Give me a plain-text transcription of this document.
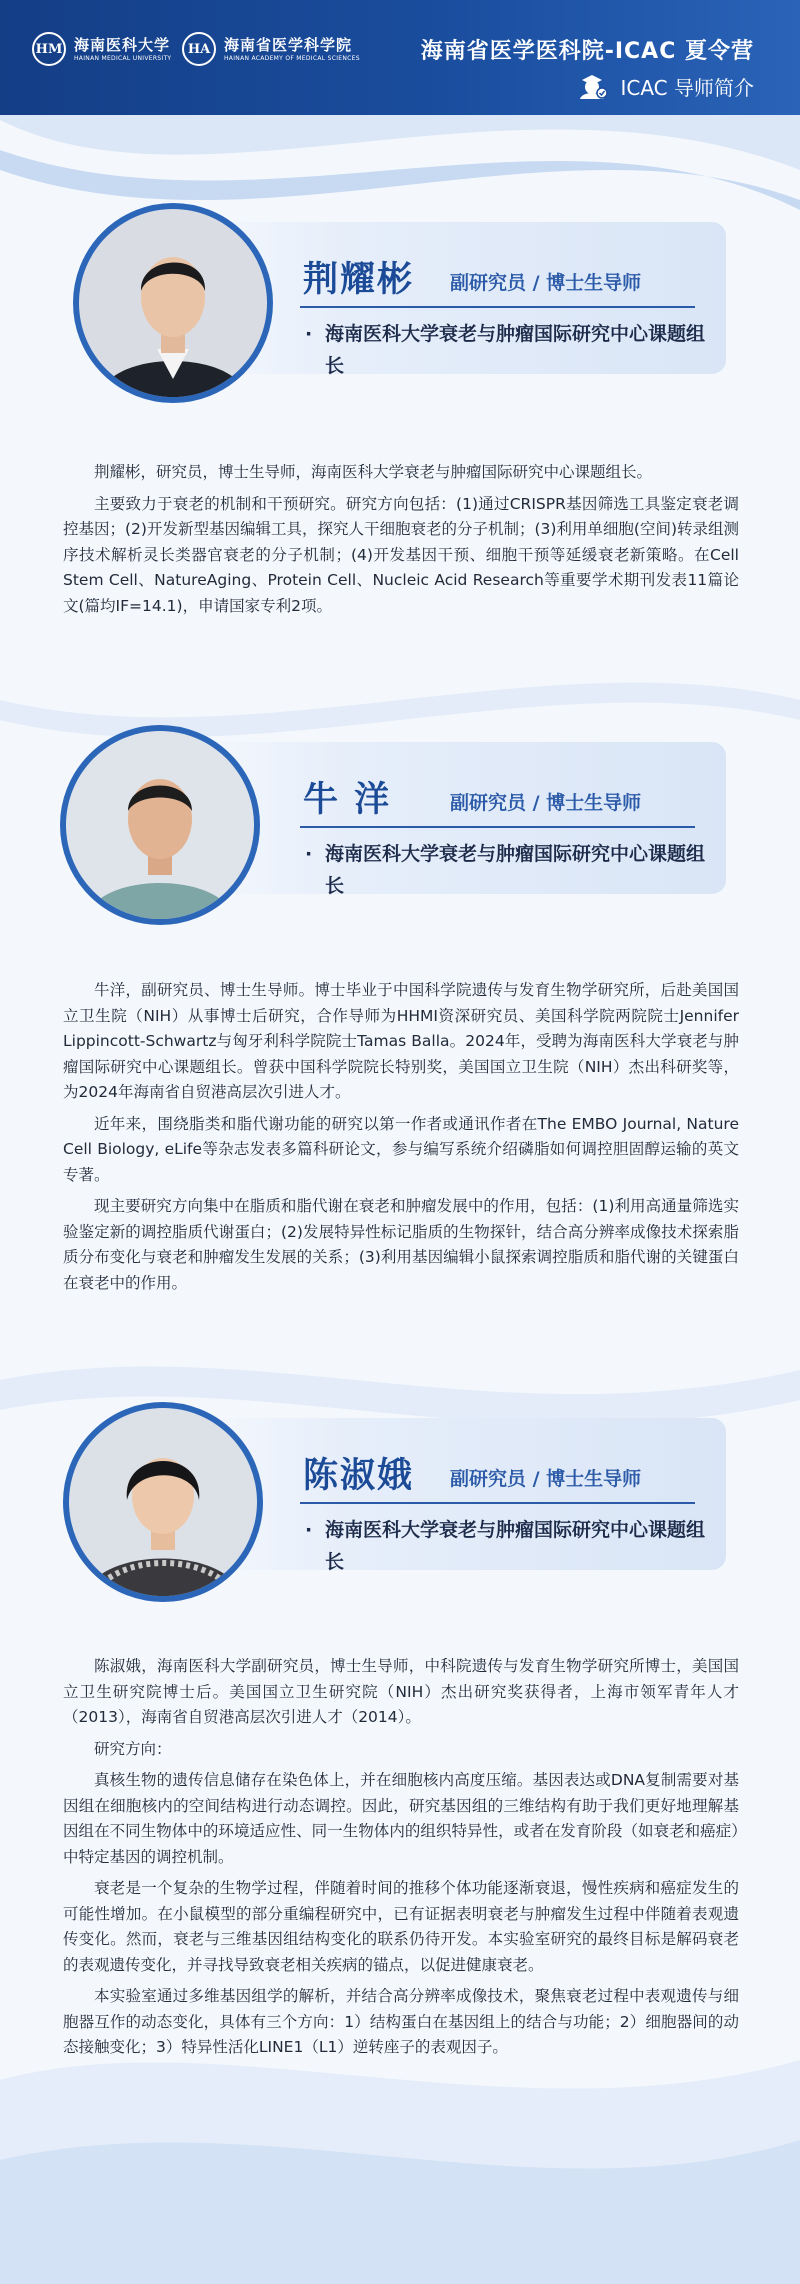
HM 海南医科大学
HAINAN MEDICAL UNIVERSITY
HA 海南省医学科学院
HAINAN ACADEMY OF MEDICAL SCIENCES	海南省医学医科院-ICAC 夏令营
ICAC 导师简介
荆耀彬 副研究员 / 博士生导师
· 海南医科大学衰老与肿瘤国际研究中心课题组长

荆耀彬，研究员，博士生导师，海南医科大学衰老与肿瘤国际研究中心课题组长。

主要致力于衰老的机制和干预研究。研究方向包括：(1)通过CRISPR基因筛选工具鉴定衰老调控基因；(2)开发新型基因编辑工具，探究人干细胞衰老的分子机制；(3)利用单细胞(空间)转录组测序技术解析灵长类器官衰老的分子机制；(4)开发基因干预、细胞干预等延缓衰老新策略。在Cell Stem Cell、NatureAging、Protein Cell、Nucleic Acid Research等重要学术期刊发表11篇论文(篇均IF=14.1)，申请国家专利2项。

牛 洋	副研究员 / 博士生导师
· 海南医科大学衰老与肿瘤国际研究中心课题组长

牛洋，副研究员、博士生导师。博士毕业于中国科学院遗传与发育生物学研究所，后赴美国国立卫生院（NIH）从事博士后研究，合作导师为HHMI资深研究员、美国科学院两院院士Jennifer Lippincott-Schwartz与匈牙利科学院院士Tamas Balla。2024年，受聘为海南医科大学衰老与肿瘤国际研究中心课题组长。曾获中国科学院院长特别奖，美国国立卫生院（NIH）杰出科研奖等，为2024年海南省自贸港高层次引进人才。

近年来，围绕脂类和脂代谢功能的研究以第一作者或通讯作者在The EMBO Journal, Nature Cell Biology, eLife等杂志发表多篇科研论文，参与编写系统介绍磷脂如何调控胆固醇运输的英文专著。

现主要研究方向集中在脂质和脂代谢在衰老和肿瘤发展中的作用，包括：(1)利用高通量筛选实验鉴定新的调控脂质代谢蛋白；(2)发展特异性标记脂质的生物探针，结合高分辨率成像技术探索脂质分布变化与衰老和肿瘤发生发展的关系；(3)利用基因编辑小鼠探索调控脂质和脂代谢的关键蛋白在衰老中的作用。

陈淑娥 副研究员 / 博士生导师
· 海南医科大学衰老与肿瘤国际研究中心课题组长

陈淑娥，海南医科大学副研究员，博士生导师，中科院遗传与发育生物学研究所博士，美国国立卫生研究院博士后。美国国立卫生研究院（NIH）杰出研究奖获得者，上海市领军青年人才（2013），海南省自贸港高层次引进人才（2014）。

研究方向：

真核生物的遗传信息储存在染色体上，并在细胞核内高度压缩。基因表达或DNA复制需要对基因组在细胞核内的空间结构进行动态调控。因此，研究基因组的三维结构有助于我们更好地理解基因组在不同生物体中的环境适应性、同一生物体内的组织特异性，或者在发育阶段（如衰老和癌症）中特定基因的调控机制。

衰老是一个复杂的生物学过程，伴随着时间的推移个体功能逐渐衰退，慢性疾病和癌症发生的可能性增加。在小鼠模型的部分重编程研究中，已有证据表明衰老与肿瘤发生过程中伴随着表观遗传变化。然而，衰老与三维基因组结构变化的联系仍待开发。本实验室研究的最终目标是解码衰老的表观遗传变化，并寻找导致衰老相关疾病的锚点，以促进健康衰老。

本实验室通过多维基因组学的解析，并结合高分辨率成像技术，聚焦衰老过程中表观遗传与细胞器互作的动态变化，具体有三个方向：1）结构蛋白在基因组上的结合与功能；2）细胞器间的动态接触变化；3）特异性活化LINE1（L1）逆转座子的表观因子。
